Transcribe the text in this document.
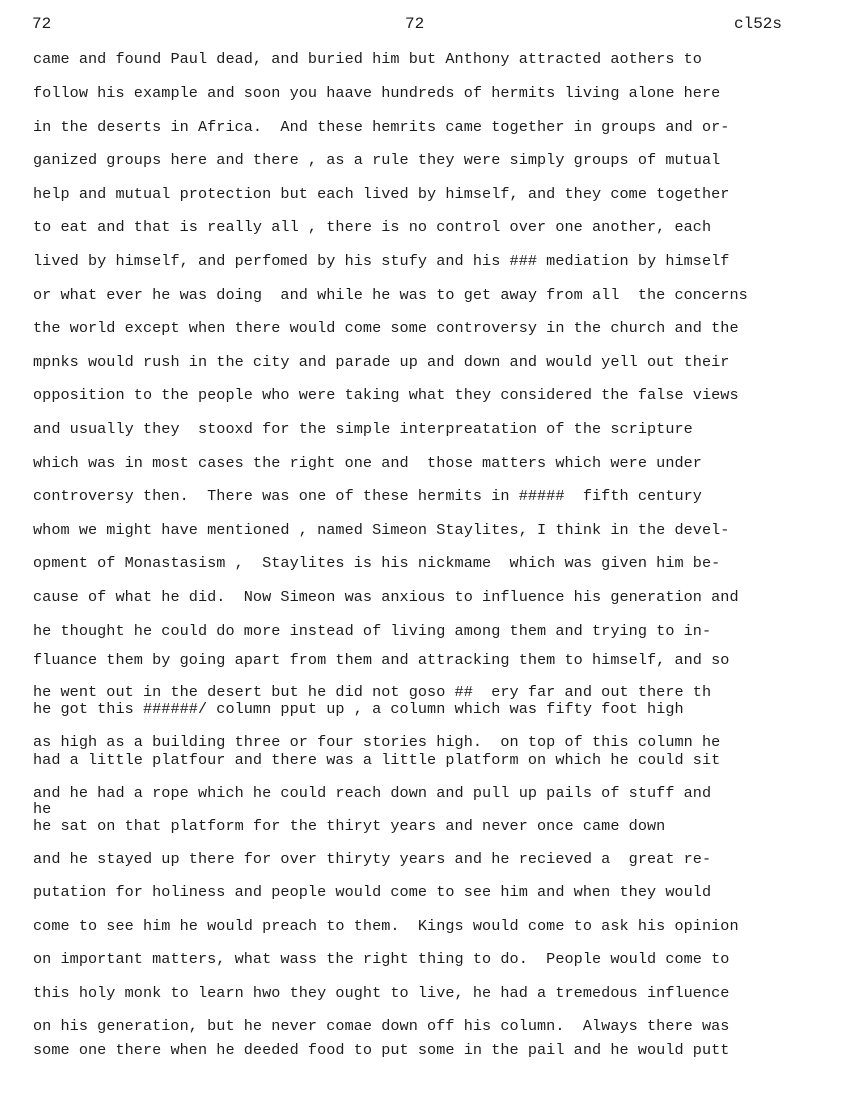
72	72	cl52s
came and found Paul dead, and buried him but Anthony attracted aothers to
follow his example and soon you haave hundreds of hermits living alone here
in the deserts in Africa.  And these hemrits came together in groups and or-
ganized groups here and there , as a rule they were simply groups of mutual
help and mutual protection but each lived by himself, and they come together
to eat and that is really all , there is no control over one another, each
lived by himself, and perfomed by his stufy and his ### mediation by himself
or what ever he was doing  and while he was to get away from all  the concerns
the world except when there would come some controversy in the church and the
mpnks would rush in the city and parade up and down and would yell out their
opposition to the people who were taking what they considered the false views
and usually they  stooxd for the simple interpreatation of the scripture
which was in most cases the right one and  those matters which were under
controversy then.  There was one of these hermits in #####  fifth century
whom we might have mentioned , named Simeon Staylites, I think in the devel-
opment of Monastasism ,  Staylites is his nickmame  which was given him be-
cause of what he did.  Now Simeon was anxious to influence his generation and
he thought he could do more instead of living among them and trying to in-
fluance them by going apart from them and attracking them to himself, and so
he went out in the desert but he did not goso ##  ery far and out there th
he got this ######/ column pput up , a column which was fifty foot high
as high as a building three or four stories high.  on top of this column he
had a little platfour and there was a little platform on which he could sit
and he had a rope which he could reach down and pull up pails of stuff and
he
he sat on that platform for the thiryt years and never once came down
and he stayed up there for over thiryty years and he recieved a  great re-
putation for holiness and people would come to see him and when they would
come to see him he would preach to them.  Kings would come to ask his opinion
on important matters, what wass the right thing to do.  People would come to
this holy monk to learn hwo they ought to live, he had a tremedous influence
on his generation, but he never comae down off his column.  Always there was
some one there when he deeded food to put some in the pail and he would putt
